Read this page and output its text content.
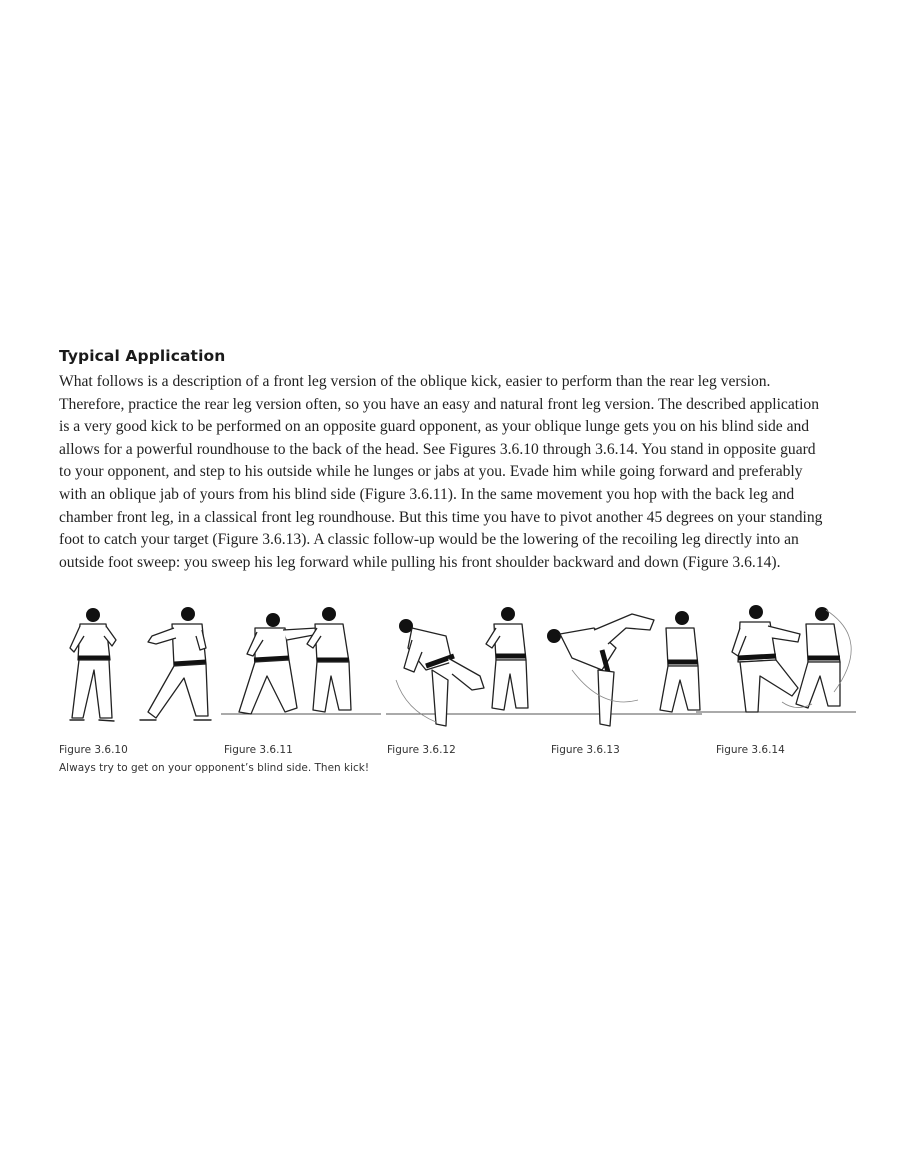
Typical Application
What follows is a description of a front leg version of the oblique kick, easier to perform than the rear leg version.
Therefore, practice the rear leg version often, so you have an easy and natural front leg version. The described application
is a very good kick to be performed on an opposite guard opponent, as your oblique lunge gets you on his blind side and
allows for a powerful roundhouse to the back of the head. See Figures 3.6.10 through 3.6.14. You stand in opposite guard
to your opponent, and step to his outside while he lunges or jabs at you. Evade him while going forward and preferably
with an oblique jab of yours from his blind side (Figure 3.6.11). In the same movement you hop with the back leg and
chamber front leg, in a classical front leg roundhouse. But this time you have to pivot another 45 degrees on your standing
foot to catch your target (Figure 3.6.13). A classic follow-up would be the lowering of the recoiling leg directly into an
outside foot sweep: you sweep his leg forward while pulling his front shoulder backward and down (Figure 3.6.14).
Figure 3.6.10	Figure 3.6.11	Figure 3.6.12	Figure 3.6.13	Figure 3.6.14
Always try to get on your opponent’s blind side. Then kick!
